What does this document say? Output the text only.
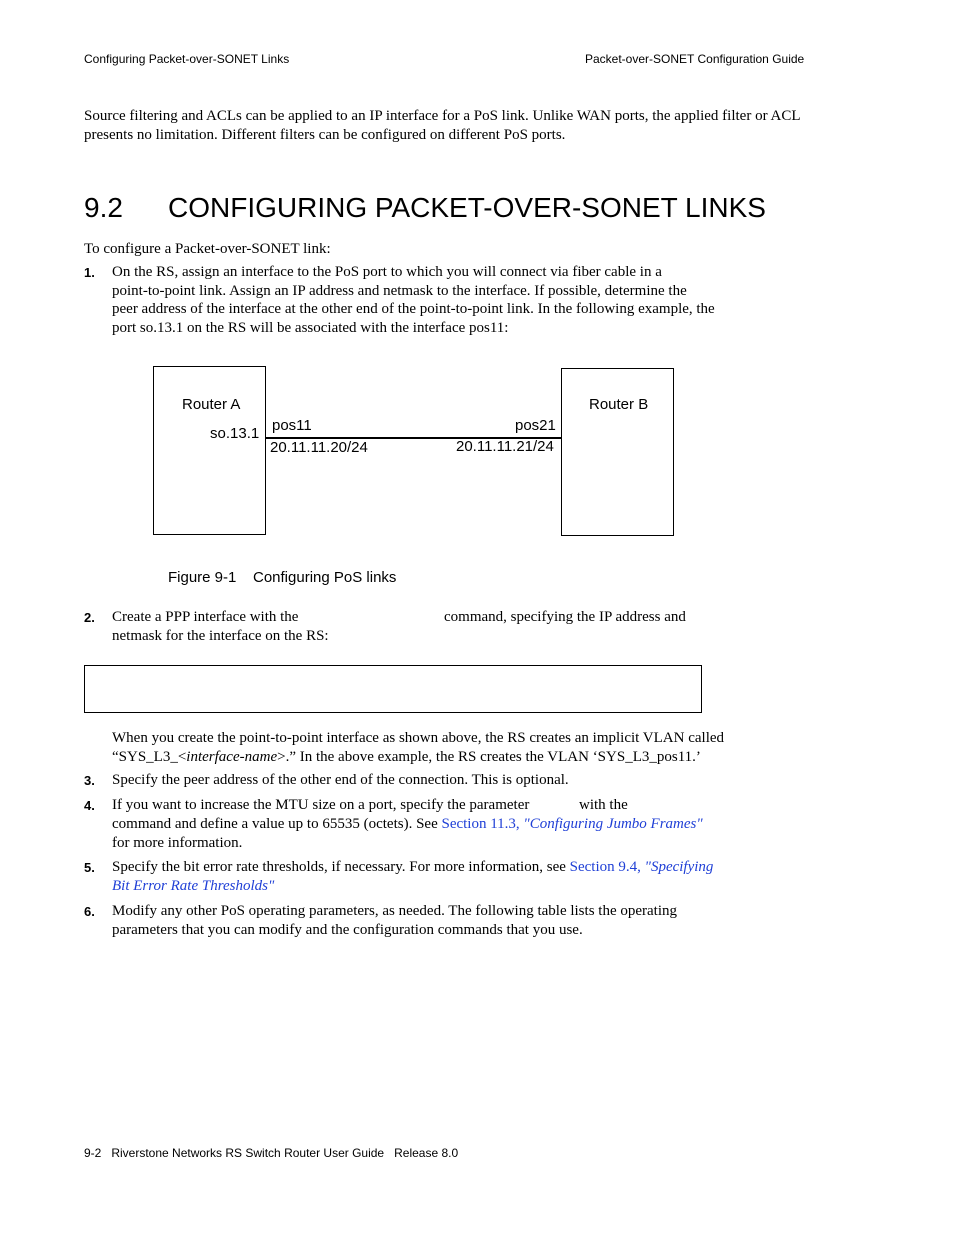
Configuring Packet-over-SONET Links	Packet-over-SONET Configuration Guide
Source filtering and ACLs can be applied to an IP interface for a PoS link. Unlike WAN ports, the applied filter or ACL
presents no limitation. Different filters can be configured on different PoS ports.
9.2 CONFIGURING PACKET-OVER-SONET LINKS
To configure a Packet-over-SONET link:
1. On the RS, assign an interface to the PoS port to which you will connect via fiber cable in a
point-to-point link. Assign an IP address and netmask to the interface. If possible, determine the
peer address of the interface at the other end of the point-to-point link. In the following example, the
port so.13.1 on the RS will be associated with the interface pos11:
Router A	Router B
so.13.1 pos11	pos21
20.11.11.20/24	20.11.11.21/24
Figure 9-1 Configuring PoS links
2. Create a PPP interface with the	command, specifying the IP address and
netmask for the interface on the RS:
When you create the point-to-point interface as shown above, the RS creates an implicit VLAN called
“SYS_L3_<interface-name>.” In the above example, the RS creates the VLAN ‘SYS_L3_pos11.’
3. Specify the peer address of the other end of the connection. This is optional.
4. If you want to increase the MTU size on a port, specify the parameter	with the
command and define a value up to 65535 (octets). See Section 11.3, "Configuring Jumbo Frames"
for more information.
5. Specify the bit error rate thresholds, if necessary. For more information, see Section 9.4, "Specifying
Bit Error Rate Thresholds"
6. Modify any other PoS operating parameters, as needed. The following table lists the operating
parameters that you can modify and the configuration commands that you use.
9-2   Riverstone Networks RS Switch Router User Guide   Release 8.0
